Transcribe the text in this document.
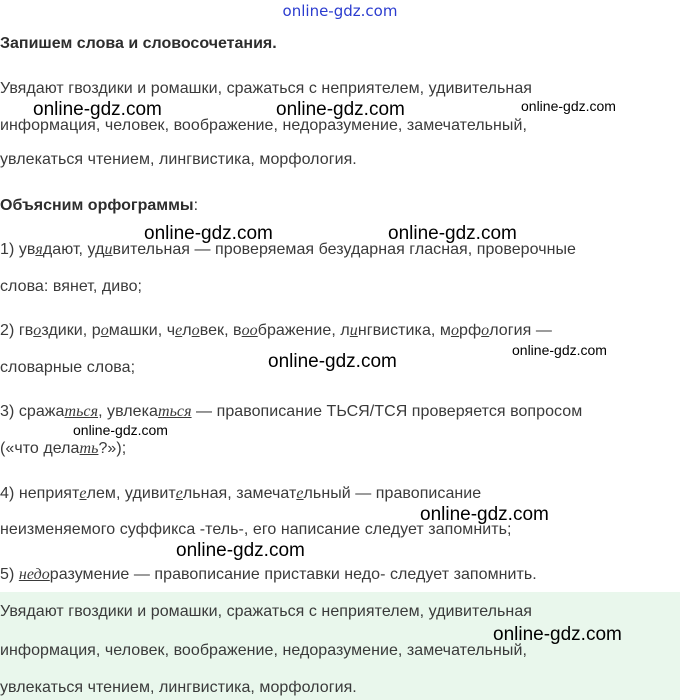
online-gdz.com
Запишем слова и словосочетания.
Увядают гвоздики и ромашки, сражаться с неприятелем, удивительная
информация, человек, воображение, недоразумение, замечательный,
увлекаться чтением, лингвистика, морфология.
Объясним орфограммы:
1) увядают, удивительная — проверяемая безударная гласная, проверочные
слова: вянет, диво;
2) гвоздики, ромашки, человек, воображение, лингвистика, морфология —
словарные слова;
3) сражаться, увлекаться — правописание ТЬСЯ/ТСЯ проверяется вопросом
(«что делать?»);
4) неприятелем, удивительная, замечательный — правописание
неизменяемого суффикса -тель-, его написание следует запомнить;
5) недоразумение — правописание приставки недо- следует запомнить.
Увядают гвоздики и ромашки, сражаться с неприятелем, удивительная
информация, человек, воображение, недоразумение, замечательный,
увлекаться чтением, лингвистика, морфология.
online-gdz.com	online-gdz.com	online-gdz.com
online-gdz.com	online-gdz.com
online-gdz.com
online-gdz.com
online-gdz.com
online-gdz.com
online-gdz.com
online-gdz.com
